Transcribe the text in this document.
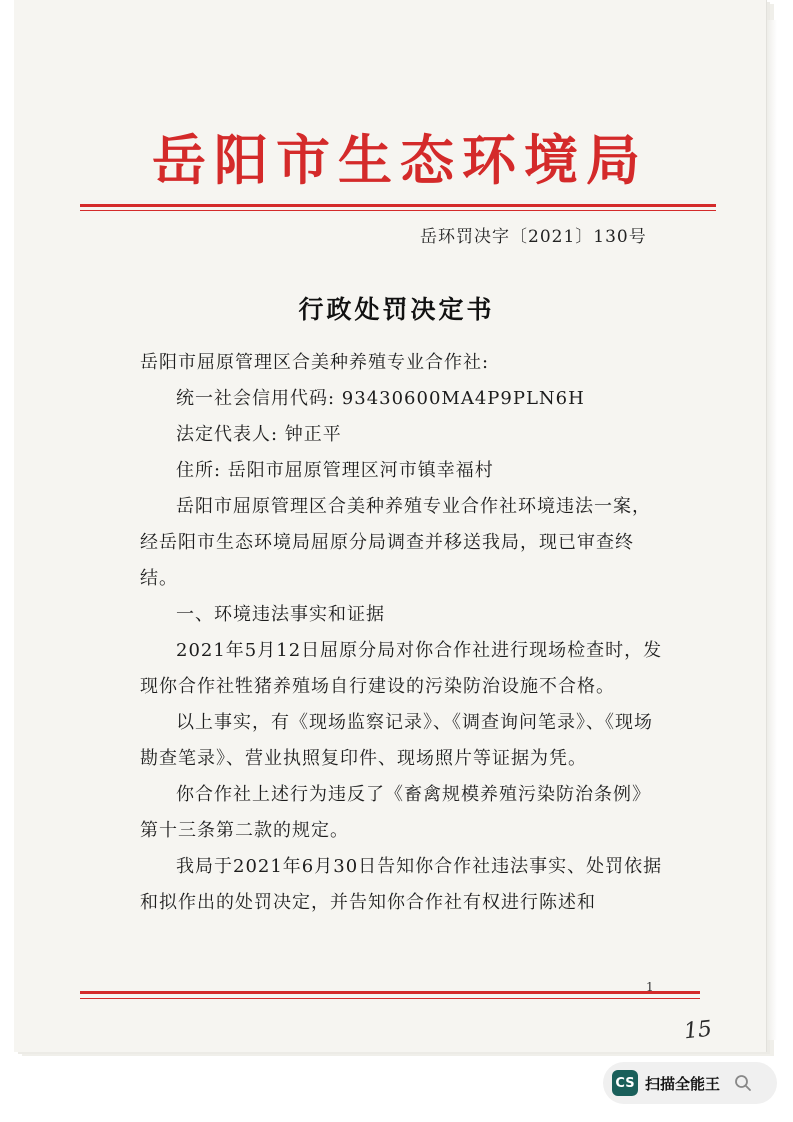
岳阳市生态环境局
岳环罚决字〔2021〕130号
行政处罚决定书

岳阳市屈原管理区合美种养殖专业合作社:

统一社会信用代码: 93430600MA4P9PLN6H

法定代表人: 钟正平

住所: 岳阳市屈原管理区河市镇幸福村

岳阳市屈原管理区合美种养殖专业合作社环境违法一案，经岳阳市生态环境局屈原分局调查并移送我局，现已审查终结。

一、环境违法事实和证据

2021年5月12日屈原分局对你合作社进行现场检查时，发现你合作社牲猪养殖场自行建设的污染防治设施不合格。

以上事实，有《现场监察记录》、《调查询问笔录》、《现场勘查笔录》、营业执照复印件、现场照片等证据为凭。

你合作社上述行为违反了《畜禽规模养殖污染防治条例》第十三条第二款的规定。

我局于2021年6月30日告知你合作社违法事实、处罚依据和拟作出的处罚决定，并告知你合作社有权进行陈述和

1
15
CS 扫描全能王
